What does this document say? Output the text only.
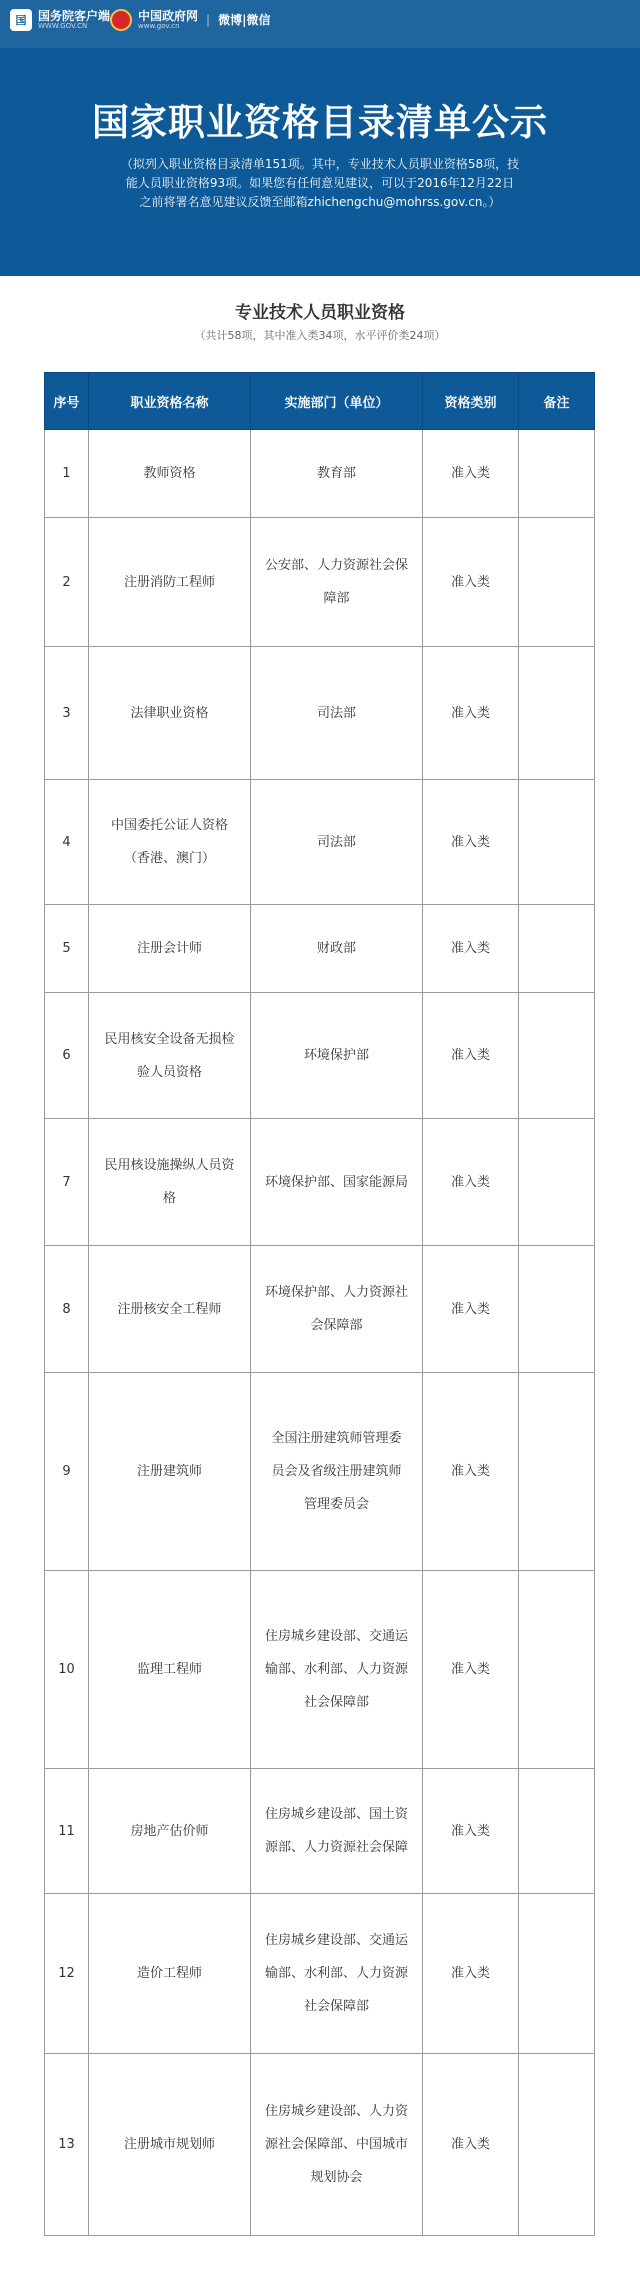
国 国务院客户端
WWW.GOV.CN
中国政府网
www.gov.cn	| 微博|微信
国家职业资格目录清单公示
（拟列入职业资格目录清单151项。其中，专业技术人员职业资格58项，技
能人员职业资格93项。如果您有任何意见建议，可以于2016年12月22日
之前将署名意见建议反馈至邮箱zhichengchu@mohrss.gov.cn。）
专业技术人员职业资格
（共计58项，其中准入类34项，水平评价类24项）
序号	职业资格名称	实施部门（单位）	资格类别	备注
1	教师资格	教育部	准入类	
2	注册消防工程师	公安部、人力资源社会保
障部	准入类	
3	法律职业资格	司法部	准入类	
4	中国委托公证人资格
（香港、澳门）	司法部	准入类	
5	注册会计师	财政部	准入类	
6	民用核安全设备无损检
验人员资格	环境保护部	准入类	
7	民用核设施操纵人员资
格	环境保护部、国家能源局	准入类	
8	注册核安全工程师	环境保护部、人力资源社
会保障部	准入类	
9	注册建筑师	全国注册建筑师管理委
员会及省级注册建筑师
管理委员会	准入类	
10	监理工程师	住房城乡建设部、交通运
输部、水利部、人力资源
社会保障部	准入类	
11	房地产估价师	住房城乡建设部、国土资
源部、人力资源社会保障	准入类	
12	造价工程师	住房城乡建设部、交通运
输部、水利部、人力资源
社会保障部	准入类	
13	注册城市规划师	住房城乡建设部、人力资
源社会保障部、中国城市
规划协会	准入类	
